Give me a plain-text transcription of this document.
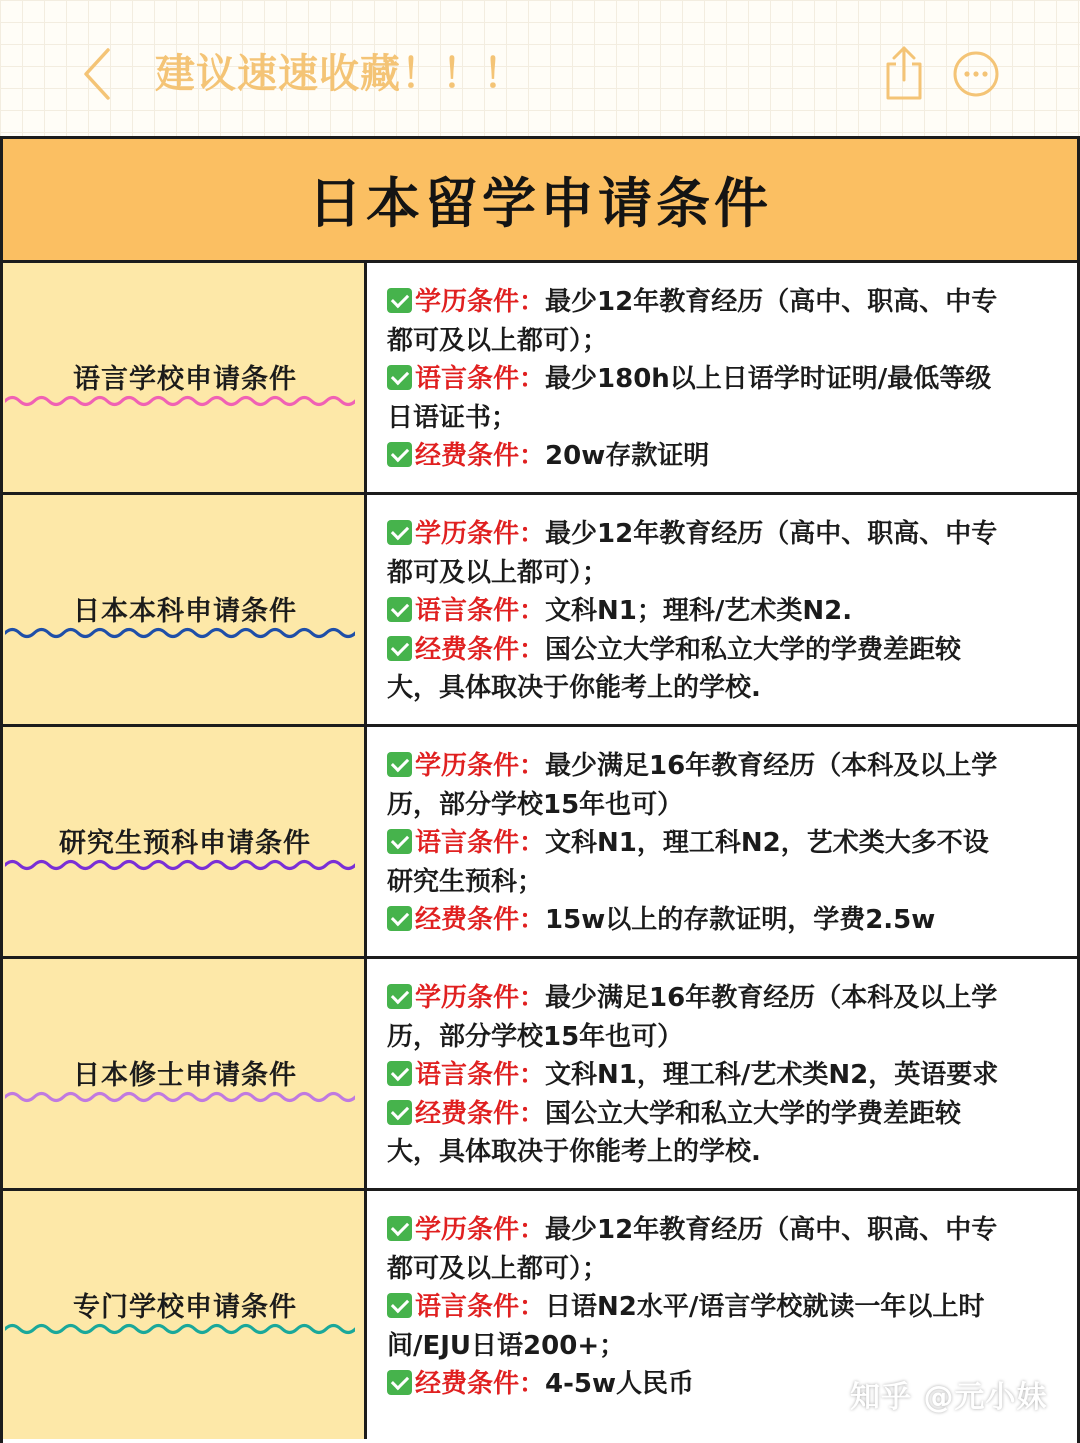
建议速速收藏！！！
日本留学申请条件
语言学校申请条件
学历条件：最少12年教育经历（高中、职高、中专
都可及以上都可）；
语言条件：最少180h以上日语学时证明/最低等级
日语证书；
经费条件：20w存款证明
日本本科申请条件
学历条件：最少12年教育经历（高中、职高、中专
都可及以上都可）；
语言条件：文科N1；理科/艺术类N2.
经费条件：国公立大学和私立大学的学费差距较
大，具体取决于你能考上的学校.
研究生预科申请条件
学历条件：最少满足16年教育经历（本科及以上学
历，部分学校15年也可）
语言条件：文科N1，理工科N2，艺术类大多不设
研究生预科；
经费条件：15w以上的存款证明，学费2.5w
日本修士申请条件
学历条件：最少满足16年教育经历（本科及以上学
历，部分学校15年也可）
语言条件：文科N1，理工科/艺术类N2，英语要求
经费条件：国公立大学和私立大学的学费差距较
大，具体取决于你能考上的学校.
专门学校申请条件
学历条件：最少12年教育经历（高中、职高、中专
都可及以上都可）；
语言条件：日语N2水平/语言学校就读一年以上时
间/EJU日语200+；
经费条件：4-5w人民币	知乎 @元小妹
